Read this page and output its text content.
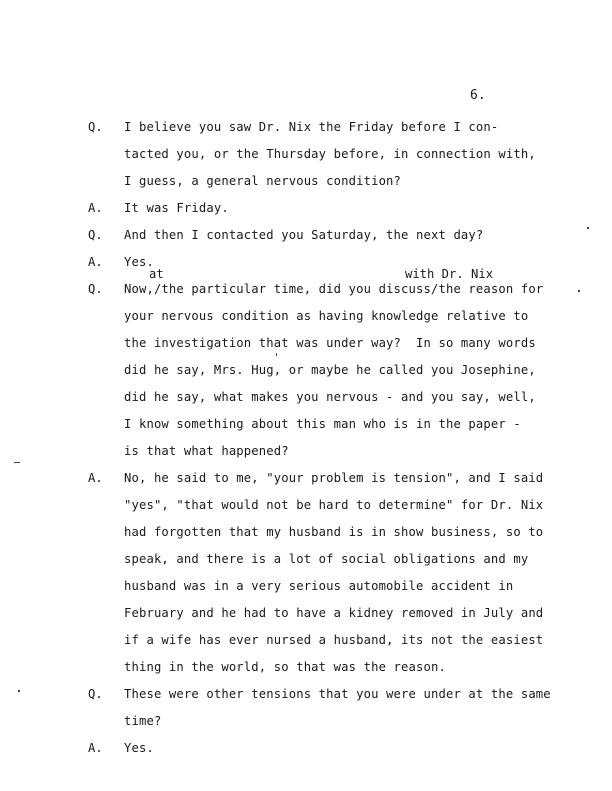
6.
Q. I believe you saw Dr. Nix the Friday before I con-
tacted you, or the Thursday before, in connection with,
I guess, a general nervous condition?
A. It was Friday.
Q. And then I contacted you Saturday, the next day?
A. Yes.
Q. Now,/the particular time, did you discuss/the reason for
your nervous condition as having knowledge relative to
the investigation that was under way?  In so many words
did he say, Mrs. Hug, or maybe he called you Josephine,
did he say, what makes you nervous - and you say, well,
I know something about this man who is in the paper -
is that what happened?
A. No, he said to me, "your problem is tension", and I said
"yes", "that would not be hard to determine" for Dr. Nix
had forgotten that my husband is in show business, so to
speak, and there is a lot of social obligations and my
husband was in a very serious automobile accident in
February and he had to have a kidney removed in July and
if a wife has ever nursed a husband, its not the easiest
thing in the world, so that was the reason.
Q. These were other tensions that you were under at the same
time?
A. Yes.
at	with Dr. Nix
